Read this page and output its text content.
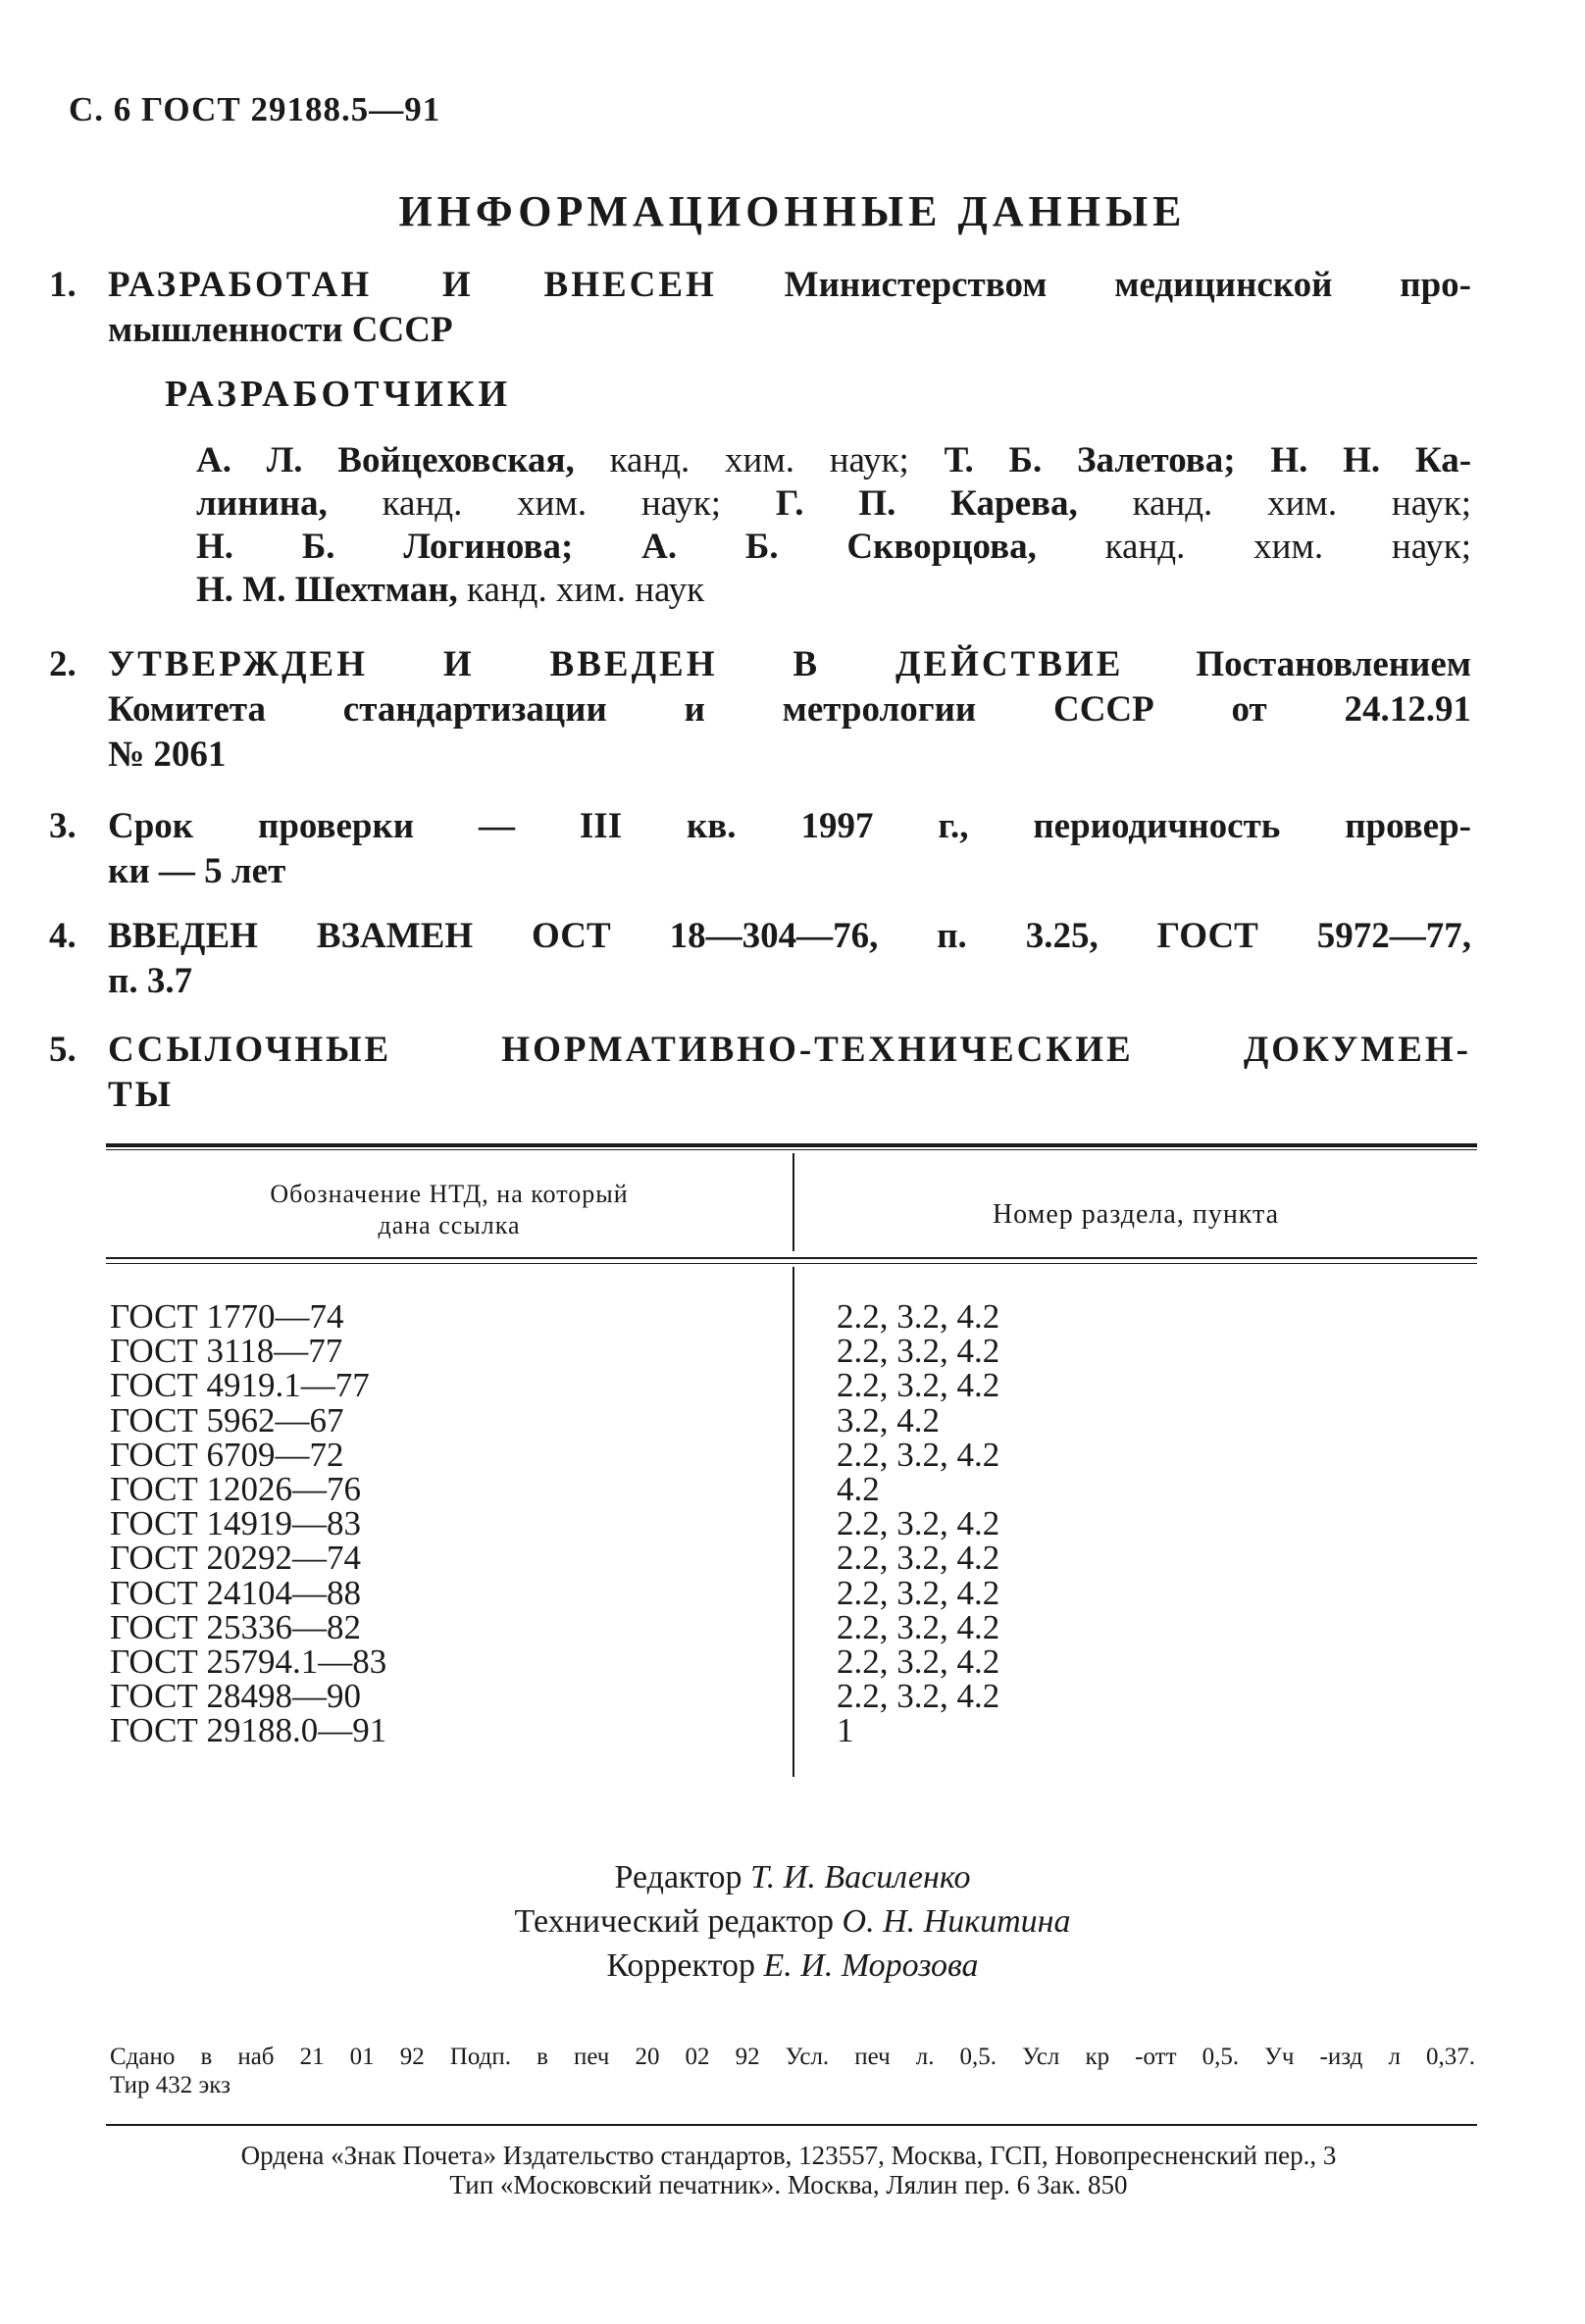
С. 6 ГОСТ 29188.5—91
ИНФОРМАЦИОННЫЕ ДАННЫЕ
1. РАЗРАБОТАН И ВНЕСЕН Министерством медицинской про-
мышленности СССР
РАЗРАБОТЧИКИ
А. Л. Войцеховская, канд. хим. наук; Т. Б. Залетова; Н. Н. Ка-
линина, канд. хим. наук; Г. П. Карева, канд. хим. наук;
Н. Б. Логинова; А. Б. Скворцова, канд. хим. наук;
Н. М. Шехтман, канд. хим. наук
2. УТВЕРЖДЕН И ВВЕДЕН В ДЕЙСТВИЕ Постановлением
Комитета стандартизации и метрологии СССР от 24.12.91
№ 2061
3. Срок проверки — III кв. 1997 г., периодичность провер-
ки — 5 лет
4. ВВЕДЕН ВЗАМЕН ОСТ 18—304—76, п. 3.25, ГОСТ 5972—77,
п. 3.7
5. ССЫЛОЧНЫЕ НОРМАТИВНО-ТЕХНИЧЕСКИЕ ДОКУМЕН-
ТЫ
Обозначение НТД, на который
дана ссылка	Номер раздела, пункта
ГОСТ 1770—74
ГОСТ 3118—77
ГОСТ 4919.1—77
ГОСТ 5962—67
ГОСТ 6709—72
ГОСТ 12026—76
ГОСТ 14919—83
ГОСТ 20292—74
ГОСТ 24104—88
ГОСТ 25336—82
ГОСТ 25794.1—83
ГОСТ 28498—90
ГОСТ 29188.0—91
2.2, 3.2, 4.2
2.2, 3.2, 4.2
2.2, 3.2, 4.2
3.2, 4.2
2.2, 3.2, 4.2
4.2
2.2, 3.2, 4.2
2.2, 3.2, 4.2
2.2, 3.2, 4.2
2.2, 3.2, 4.2
2.2, 3.2, 4.2
2.2, 3.2, 4.2
1
Редактор Т. И. Василенко
Технический редактор О. Н. Никитина
Корректор Е. И. Морозова
Сдано в наб 21 01 92 Подп. в печ 20 02 92 Усл. печ л. 0,5. Усл кр -отт 0,5. Уч -изд л 0,37.
Тир 432 экз
Ордена «Знак Почета» Издательство стандартов, 123557, Москва, ГСП, Новопресненский пер., 3
Тип «Московский печатник». Москва, Лялин пер. 6 Зак. 850
